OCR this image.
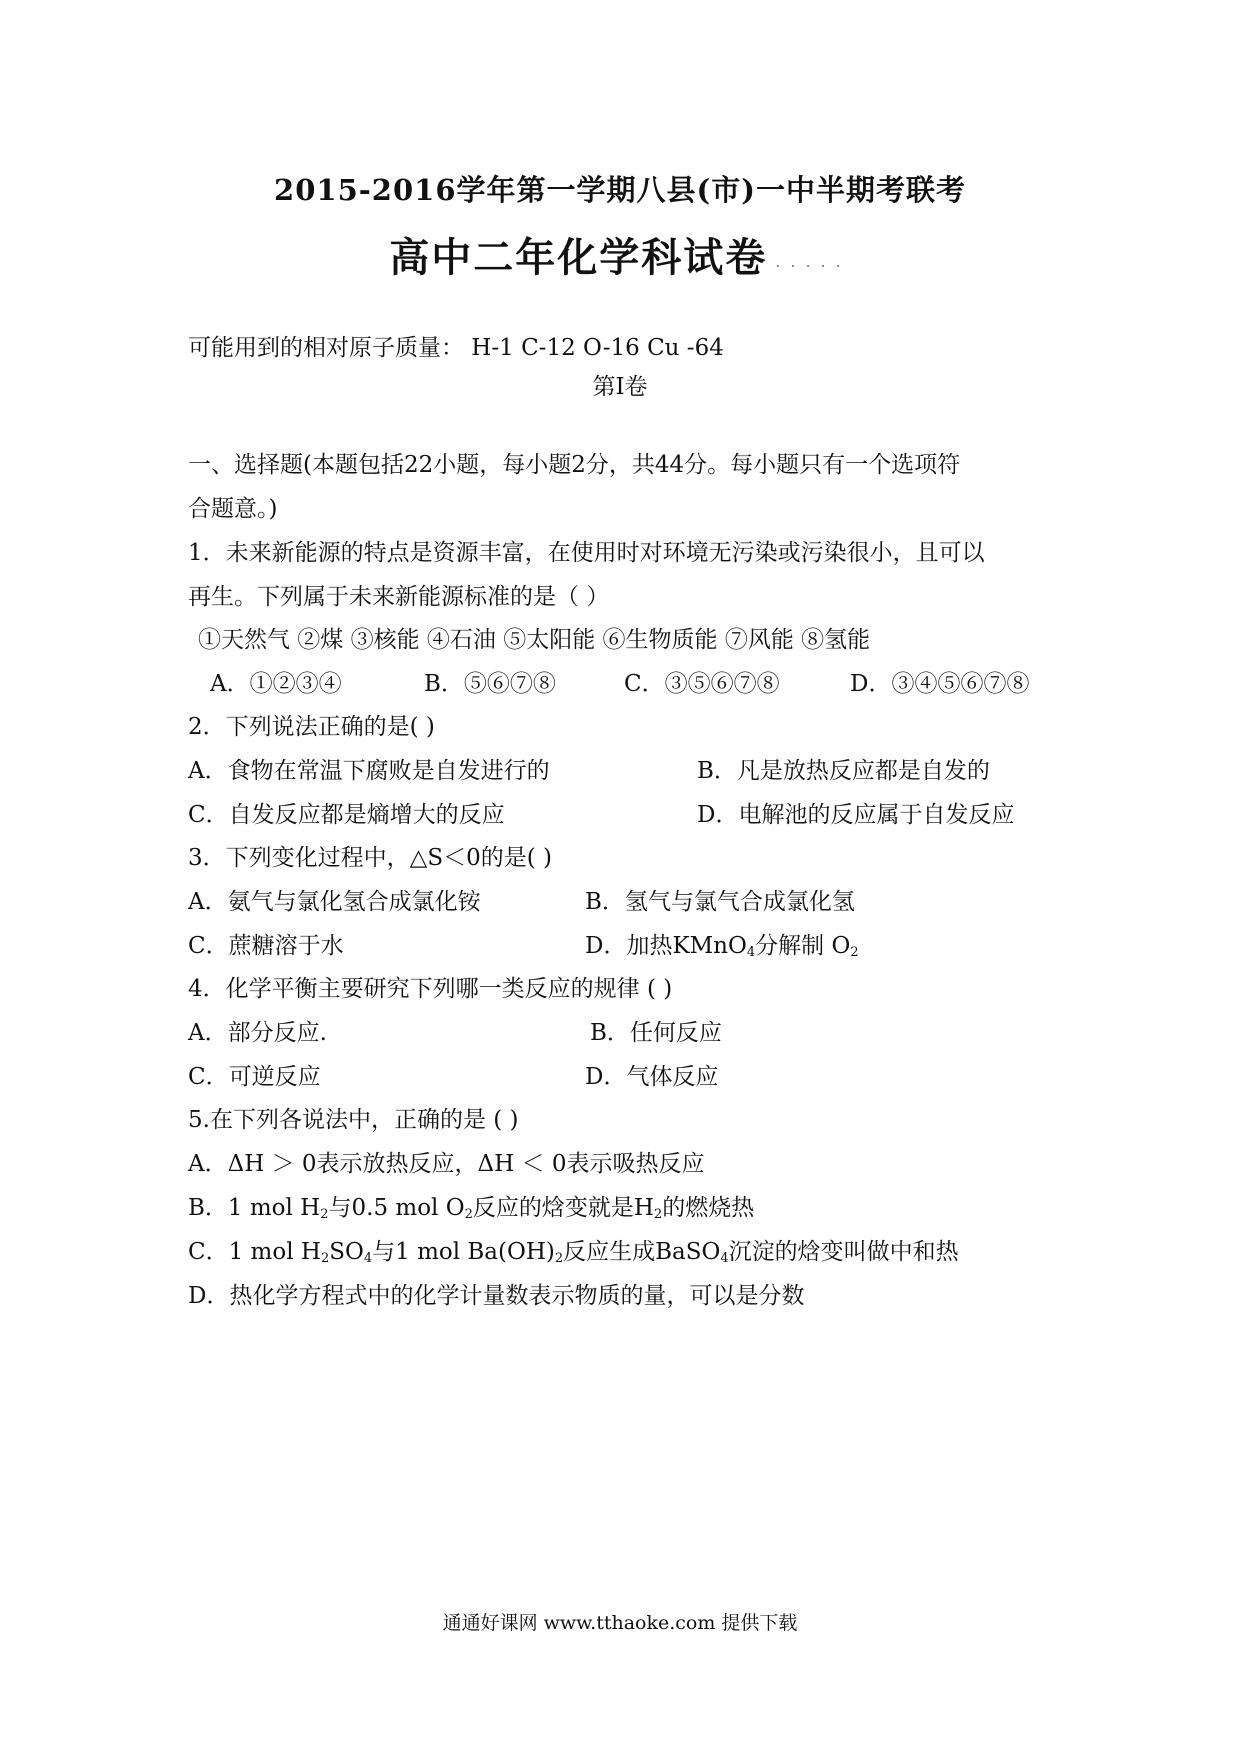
2015-2016学年第一学期八县(市)一中半期考联考
高中二年化学科试卷 .....
可能用到的相对原子质量： H-1 C-12 O-16 Cu -64
第Ⅰ卷
一、选择题(本题包括22小题，每小题2分，共44分。每小题只有一个选项符
合题意。)
1．未来新能源的特点是资源丰富，在使用时对环境无污染或污染很小，且可以
再生。下列属于未来新能源标准的是（ ）
①天然气 ②煤 ③核能 ④石油 ⑤太阳能 ⑥生物质能 ⑦风能 ⑧氢能
A．①②③④	B．⑤⑥⑦⑧	C．③⑤⑥⑦⑧	D．③④⑤⑥⑦⑧
2．下列说法正确的是( )
A．食物在常温下腐败是自发进行的	B．凡是放热反应都是自发的
C．自发反应都是熵增大的反应	D．电解池的反应属于自发反应
3．下列变化过程中，△S＜0的是( )
A．氨气与氯化氢合成氯化铵	B．氢气与氯气合成氯化氢
C．蔗糖溶于水	D．加热KMnO$_4$分解制 $O_2$
4．化学平衡主要研究下列哪一类反应的规律 ( )
A．部分反应.	B．任何反应
C．可逆反应	D．气体反应
5.在下列各说法中，正确的是 ( )
A．ΔH ＞ 0表示放热反应，ΔH ＜ 0表示吸热反应
B．1 mol $H_2$与0.5 mol $O_2$反应的焓变就是$H_2$的燃烧热
C．1 mol $H_2SO_4$与1 mol $Ba(OH)_2$反应生成BaSO$_4$沉淀的焓变叫做中和热
D．热化学方程式中的化学计量数表示物质的量，可以是分数
通通好课网 www.tthaoke.com 提供下载
